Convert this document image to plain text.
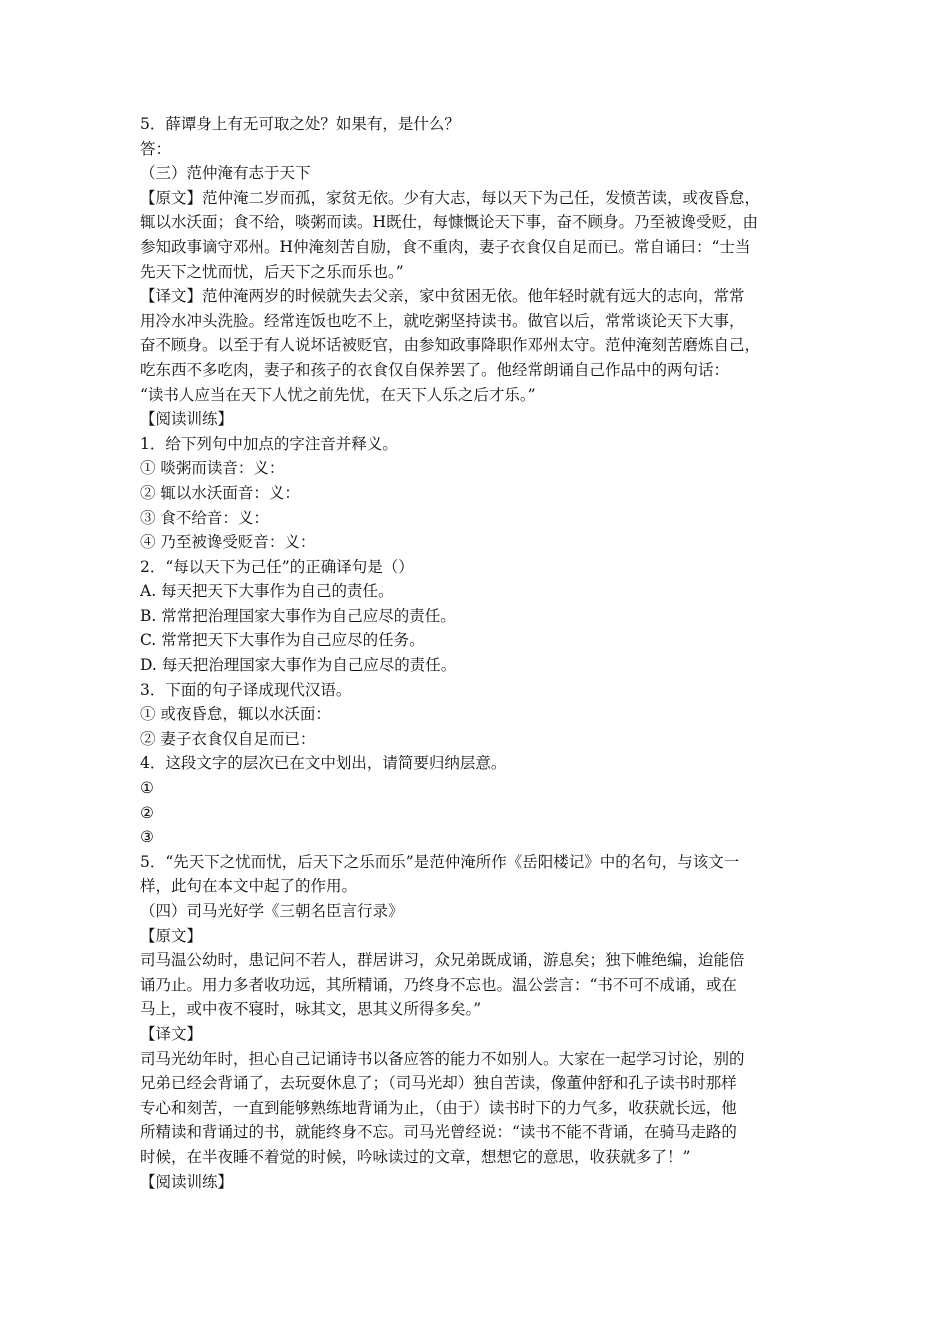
5．薛谭身上有无可取之处？如果有，是什么？
答：
（三）范仲淹有志于天下
【原文】范仲淹二岁而孤，家贫无依。少有大志，每以天下为己任，发愤苦读，或夜昏怠，
辄以水沃面；食不给，啖粥而读。H既仕，每慷慨论天下事，奋不顾身。乃至被谗受贬，由
参知政事谪守邓州。H仲淹刻苦自励，食不重肉，妻子衣食仅自足而已。常自诵曰：“士当
先天下之忧而忧，后天下之乐而乐也。”
【译文】范仲淹两岁的时候就失去父亲，家中贫困无依。他年轻时就有远大的志向，常常
用冷水冲头洗脸。经常连饭也吃不上，就吃粥坚持读书。做官以后，常常谈论天下大事，
奋不顾身。以至于有人说坏话被贬官，由参知政事降职作邓州太守。范仲淹刻苦磨炼自己，
吃东西不多吃肉，妻子和孩子的衣食仅自保养罢了。他经常朗诵自己作品中的两句话：
“读书人应当在天下人忧之前先忧，在天下人乐之后才乐。”
【阅读训练】
1．给下列句中加点的字注音并释义。
① 啖粥而读音：义：
② 辄以水沃面音：义：
③ 食不给音：义：
④ 乃至被谗受贬音：义：
2．“每以天下为己任”的正确译句是（）
A. 每天把天下大事作为自己的责任。
B. 常常把治理国家大事作为自己应尽的责任。
C. 常常把天下大事作为自己应尽的任务。
D. 每天把治理国家大事作为自己应尽的责任。
3．下面的句子译成现代汉语。
① 或夜昏怠，辄以水沃面：
② 妻子衣食仅自足而已：
4．这段文字的层次已在文中划出，请简要归纳层意。
①
②
③
5．“先天下之忧而忧，后天下之乐而乐”是范仲淹所作《岳阳楼记》中的名句，与该文一
样，此句在本文中起了的作用。
（四）司马光好学《三朝名臣言行录》
【原文】
司马温公幼时，患记问不若人，群居讲习，众兄弟既成诵，游息矣；独下帷绝编，迨能倍
诵乃止。用力多者收功远，其所精诵，乃终身不忘也。温公尝言：“书不可不成诵，或在
马上，或中夜不寝时，咏其文，思其义所得多矣。”
【译文】
司马光幼年时，担心自己记诵诗书以备应答的能力不如别人。大家在一起学习讨论，别的
兄弟已经会背诵了，去玩耍休息了；（司马光却）独自苦读，像董仲舒和孔子读书时那样
专心和刻苦，一直到能够熟练地背诵为止，（由于）读书时下的力气多，收获就长远，他
所精读和背诵过的书，就能终身不忘。司马光曾经说：“读书不能不背诵，在骑马走路的
时候，在半夜睡不着觉的时候，吟咏读过的文章，想想它的意思，收获就多了！”
【阅读训练】
